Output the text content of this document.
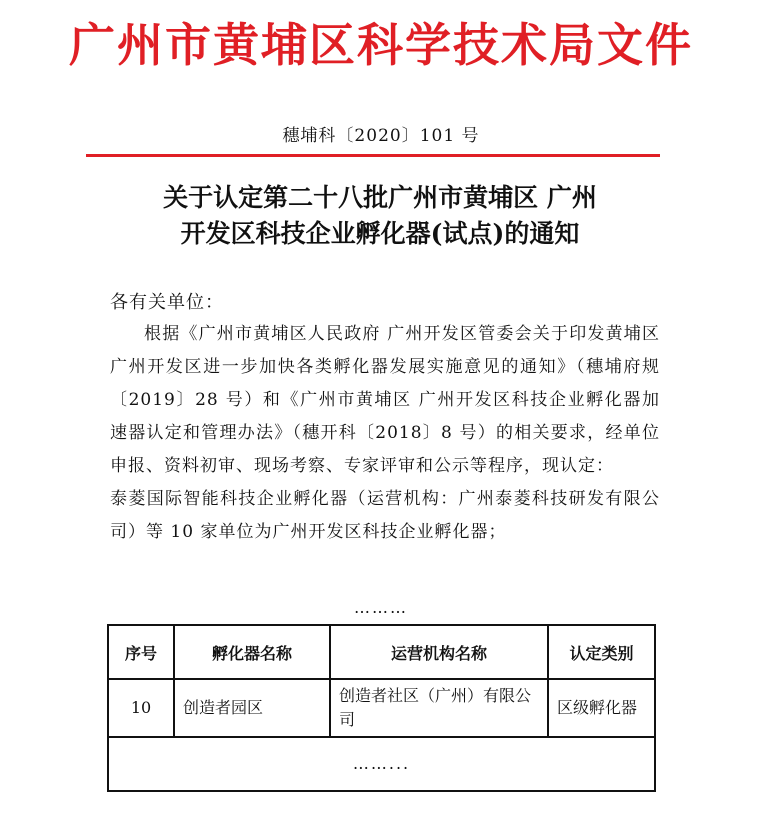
广州市黄埔区科学技术局文件
穗埔科〔2020〕101 号
关于认定第二十八批广州市黄埔区 广州
开发区科技企业孵化器(试点)的通知
各有关单位：

根据《广州市黄埔区人民政府 广州开发区管委会关于印发黄埔区广州开发区进一步加快各类孵化器发展实施意见的通知》（穗埔府规〔2019〕28 号）和《广州市黄埔区 广州开发区科技企业孵化器加速器认定和管理办法》（穗开科〔2018〕8 号）的相关要求，经单位申报、资料初审、现场考察、专家评审和公示等程序，现认定：

泰菱国际智能科技企业孵化器（运营机构：广州泰菱科技研发有限公司）等 10 家单位为广州开发区科技企业孵化器；

………
序号	孵化器名称	运营机构名称	认定类别
10	创造者园区	创造者社区（广州）有限公司	区级孵化器
……...			
